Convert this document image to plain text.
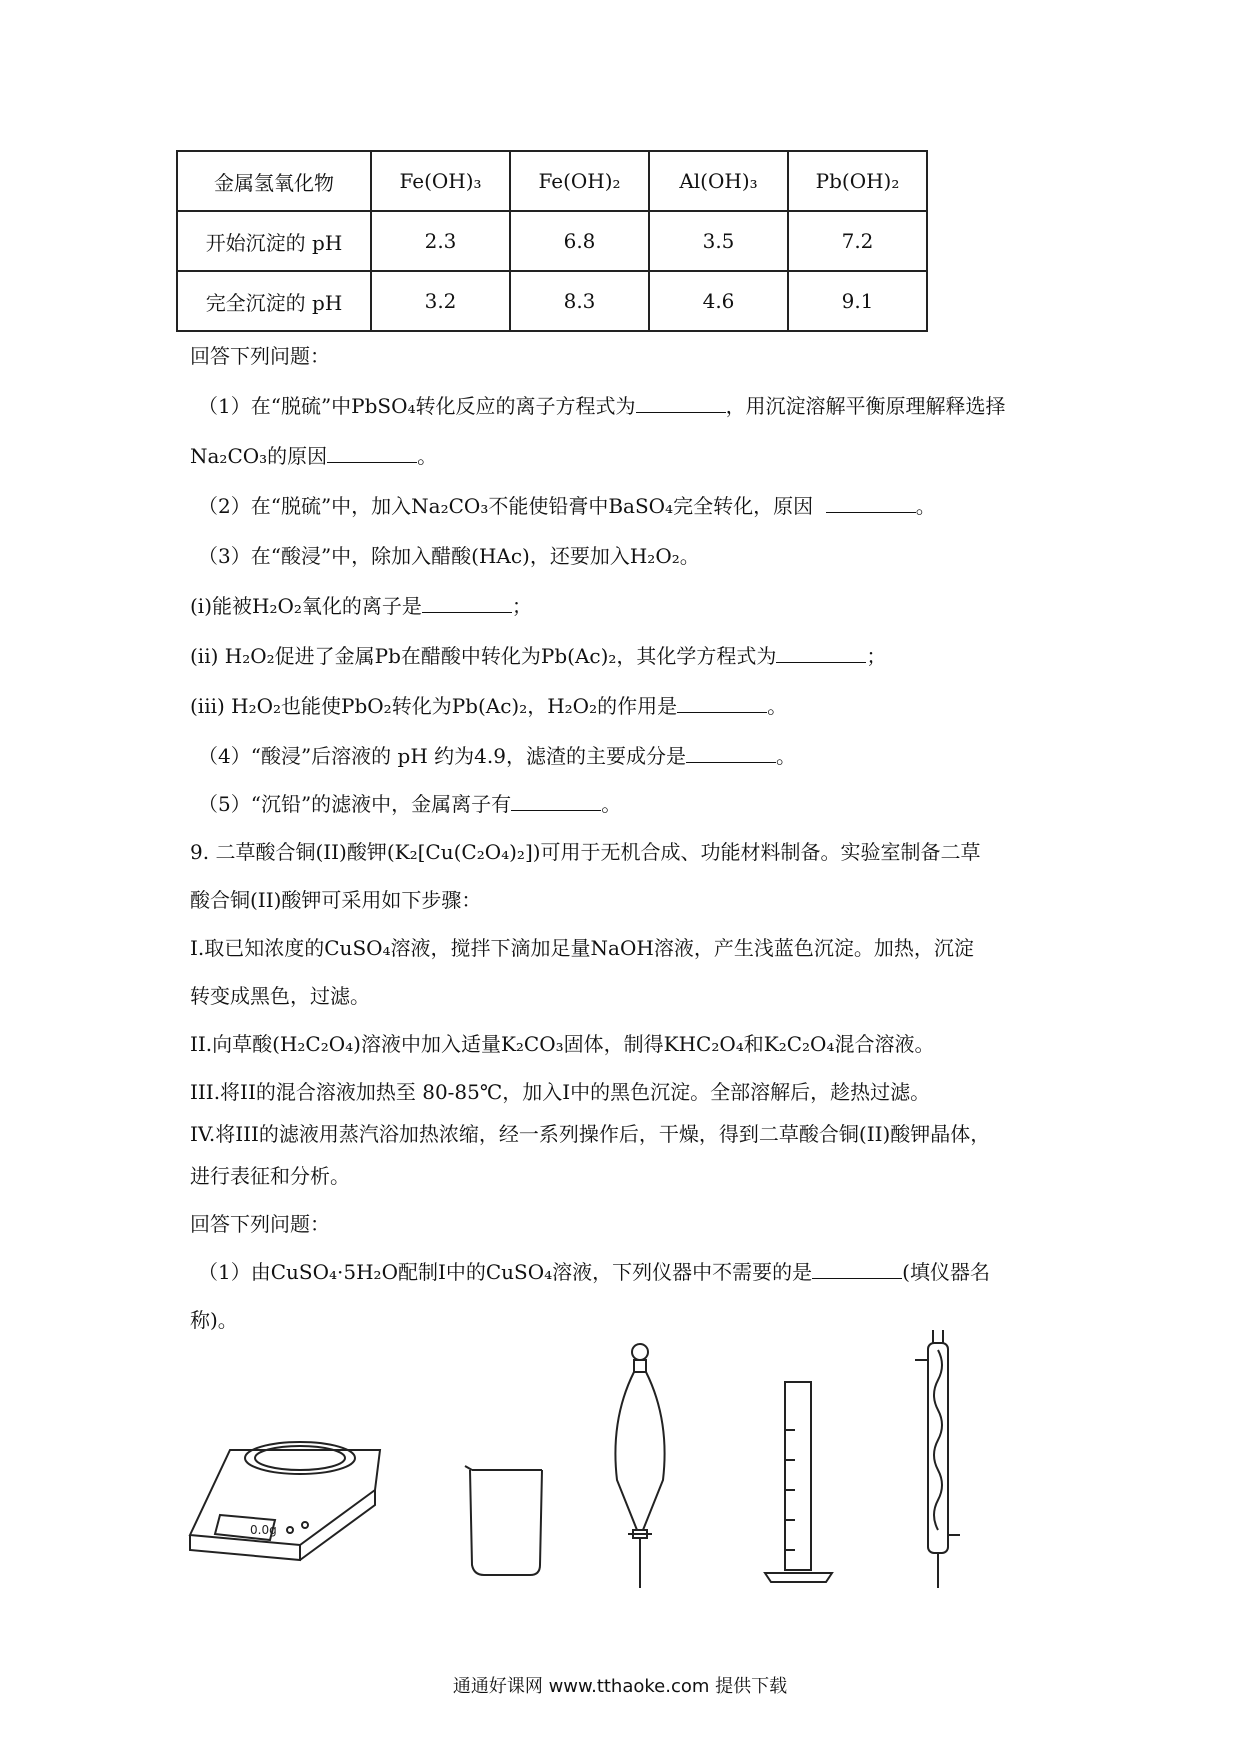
金属氢氧化物	Fe(OH)₃	Fe(OH)₂	Al(OH)₃	Pb(OH)₂
开始沉淀的 pH	2.3	6.8	3.5	7.2
完全沉淀的 pH	3.2	8.3	4.6	9.1
回答下列问题：
（1）在“脱硫”中PbSO₄转化反应的离子方程式为	，用沉淀溶解平衡原理解释选择
Na₂CO₃的原因	。
（2）在“脱硫”中，加入Na₂CO₃不能使铅膏中BaSO₄完全转化，原因	。
（3）在“酸浸”中，除加入醋酸(HAc)，还要加入H₂O₂。
(i)能被H₂O₂氧化的离子是	；
(ii) H₂O₂促进了金属Pb在醋酸中转化为Pb(Ac)₂，其化学方程式为	；
(iii) H₂O₂也能使PbO₂转化为Pb(Ac)₂，H₂O₂的作用是	。
（4）“酸浸”后溶液的 pH 约为4.9，滤渣的主要成分是	。
（5）“沉铅”的滤液中，金属离子有	。
9. 二草酸合铜(II)酸钾(K₂[Cu(C₂O₄)₂])可用于无机合成、功能材料制备。实验室制备二草
酸合铜(II)酸钾可采用如下步骤：
I.取已知浓度的CuSO₄溶液，搅拌下滴加足量NaOH溶液，产生浅蓝色沉淀。加热，沉淀
转变成黑色，过滤。
II.向草酸(H₂C₂O₄)溶液中加入适量K₂CO₃固体，制得KHC₂O₄和K₂C₂O₄混合溶液。
III.将II的混合溶液加热至 80-85℃，加入I中的黑色沉淀。全部溶解后，趁热过滤。
IV.将III的滤液用蒸汽浴加热浓缩，经一系列操作后，干燥，得到二草酸合铜(II)酸钾晶体，
进行表征和分析。
回答下列问题：
（1）由CuSO₄·5H₂O配制I中的CuSO₄溶液，下列仪器中不需要的是	(填仪器名
称)。
0.0g
通通好课网 www.tthaoke.com 提供下载
